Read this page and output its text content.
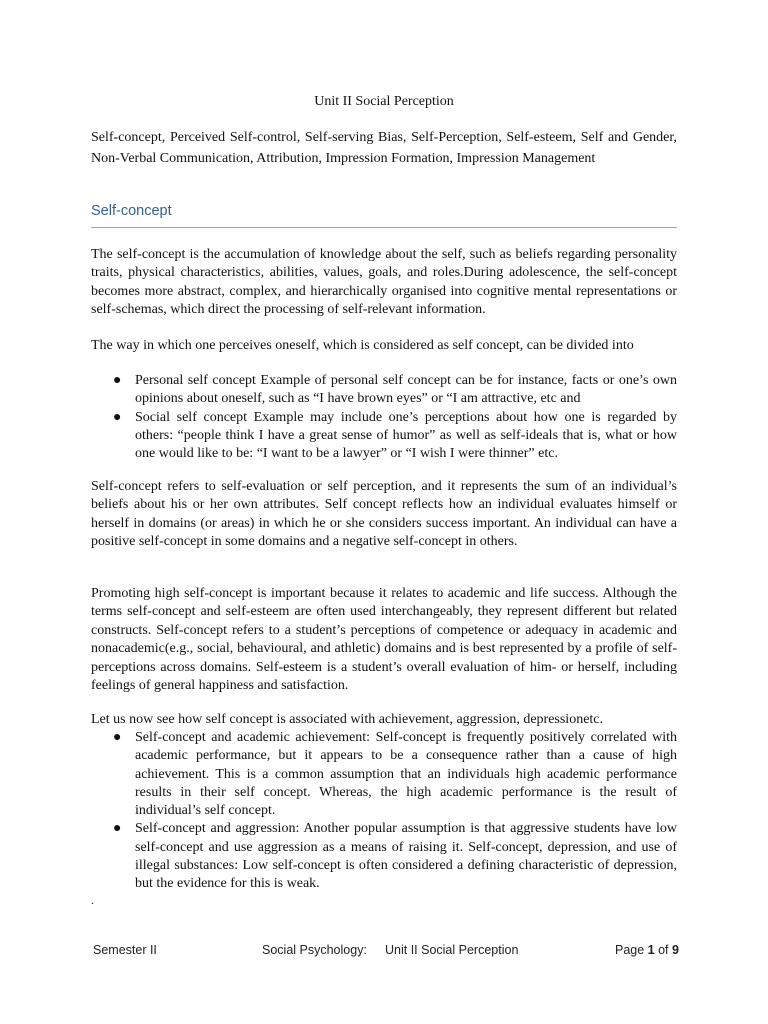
Unit II Social Perception
Self-concept, Perceived Self-control, Self-serving Bias, Self-Perception, Self-esteem, Self and Gender, Non-Verbal Communication, Attribution, Impression Formation, Impression Management
Self-concept
The self-concept is the accumulation of knowledge about the self, such as beliefs regarding personality traits, physical characteristics, abilities, values, goals, and roles.During adolescence, the self-concept becomes more abstract, complex, and hierarchically organised into cognitive mental representations or self-schemas, which direct the processing of self-relevant information.
The way in which one perceives oneself, which is considered as self concept, can be divided into
● Personal self concept Example of personal self concept can be for instance, facts or one’s own opinions about oneself, such as “I have brown eyes” or “I am attractive, etc and
● Social self concept Example may include one’s perceptions about how one is regarded by others: “people think I have a great sense of humor” as well as self-ideals that is, what or how one would like to be: “I want to be a lawyer” or “I wish I were thinner” etc.
Self-concept refers to self-evaluation or self perception, and it represents the sum of an individual’s beliefs about his or her own attributes. Self concept reflects how an individual evaluates himself or herself in domains (or areas) in which he or she considers success important. An individual can have a positive self-concept in some domains and a negative self-concept in others.
Promoting high self-concept is important because it relates to academic and life success. Although the terms self-concept and self-esteem are often used interchangeably, they represent different but related constructs. Self-concept refers to a student’s perceptions of competence or adequacy in academic and nonacademic(e.g., social, behavioural, and athletic) domains and is best represented by a profile of self-perceptions across domains. Self-esteem is a student’s overall evaluation of him- or herself, including feelings of general happiness and satisfaction.
Let us now see how self concept is associated with achievement, aggression, depressionetc.
● Self-concept and academic achievement: Self-concept is frequently positively correlated with academic performance, but it appears to be a consequence rather than a cause of high achievement. This is a common assumption that an individuals high academic performance results in their self concept. Whereas, the high academic performance is the result of individual’s self concept.
● Self-concept and aggression: Another popular assumption is that aggressive students have low self-concept and use aggression as a means of raising it. Self-concept, depression, and use of illegal substances: Low self-concept is often considered a defining characteristic of depression, but the evidence for this is weak.
.
Semester II	Social Psychology: Unit II Social Perception	Page 1 of 9
